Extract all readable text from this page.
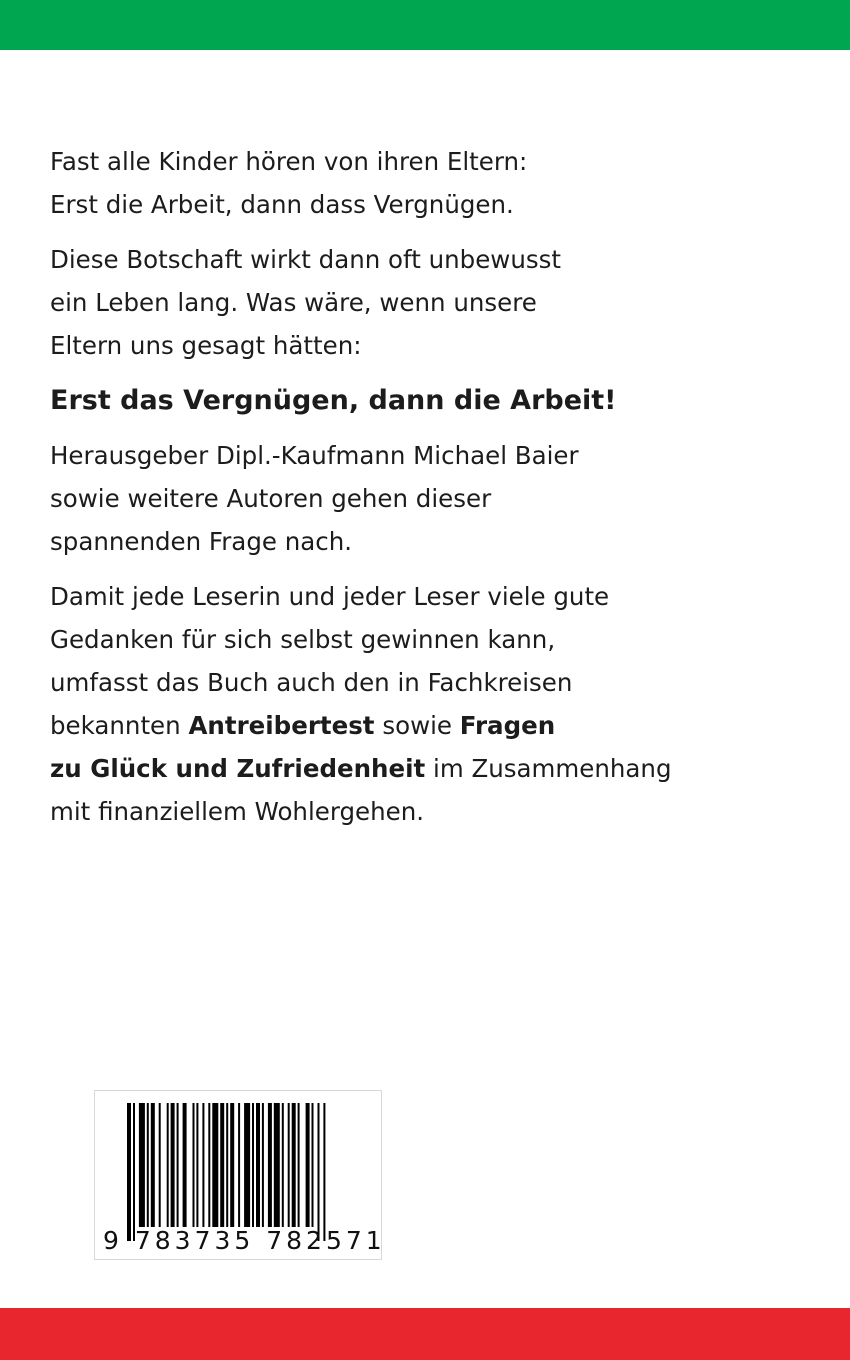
Fast alle Kinder hören von ihren Eltern:
Erst die Arbeit, dann dass Vergnügen.

Diese Botschaft wirkt dann oft unbewusst
ein Leben lang. Was wäre, wenn unsere
Eltern uns gesagt hätten:

Erst das Vergnügen, dann die Arbeit!

Herausgeber Dipl.-Kaufmann Michael Baier
sowie weitere Autoren gehen dieser
spannenden Frage nach.

Damit jede Leserin und jeder Leser viele gute
Gedanken für sich selbst gewinnen kann,
umfasst das Buch auch den in Fachkreisen
bekannten Antreibertest sowie Fragen
zu Glück und Zufriedenheit im Zusammenhang
mit finanziellem Wohlergehen.

9 783735 782571
